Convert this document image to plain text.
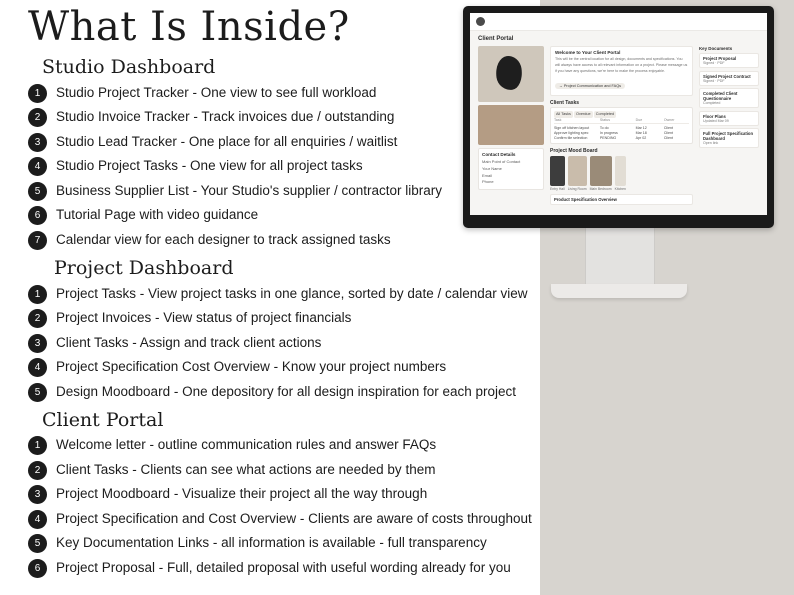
What Is Inside?
Studio Dashboard
1	Studio Project Tracker - One view to see full workload
2	Studio Invoice Tracker - Track invoices due / outstanding
3	Studio Lead Tracker - One place for all enquiries / waitlist
4	Studio Project Tasks - One view for all project tasks
5	Business Supplier List - Your Studio's supplier / contractor library
6	Tutorial Page with video guidance
7	Calendar view for each designer to track assigned tasks
Project Dashboard
1	Project Tasks - View project tasks in one glance, sorted by date / calendar view
2	Project Invoices - View status of project financials
3	Client Tasks - Assign and track client actions
4	Project Specification Cost Overview - Know your project numbers
5	Design Moodboard - One depository for all design inspiration for each project
Client Portal
1	Welcome letter - outline communication rules and answer FAQs
2	Client Tasks - Clients can see what actions are needed by them
3	Project Moodboard - Visualize their project all the way through
4	Project Specification and Cost Overview - Clients are aware of costs throughout
5	Key Documentation Links - all information is available - full transparency
6	Project Proposal - Full, detailed proposal with useful wording already for you
Client Portal
Contact Details
Main Point of Contact
Your Name
Email
Phone
Welcome to Your Client Portal

This will be the central location for all design, documents and specifications. You will always have access to all relevant information on a project. Please message us if you have any questions, we're here to make the process enjoyable.

→ Project Communication and FAQs
Client Tasks
All Tasks Overdue Completed
Task	Status	Due	Owner
Sign off kitchen layout	To do	Mar 12	Client
Approve lighting spec	In progress	Mar 18	Client
Confirm tile selection	PENDING	Apr 02	Client
Project Mood Board
Entry Hall Living Room Main Bedroom Kitchen
Product Specification Overview
Key Documents
Project Proposal
Signed · PDF
Signed Project Contract
Signed · PDF
Completed Client Questionnaire
Completed
Floor Plans
Updated Mar 09
Full Project Specification Dashboard
Open link
